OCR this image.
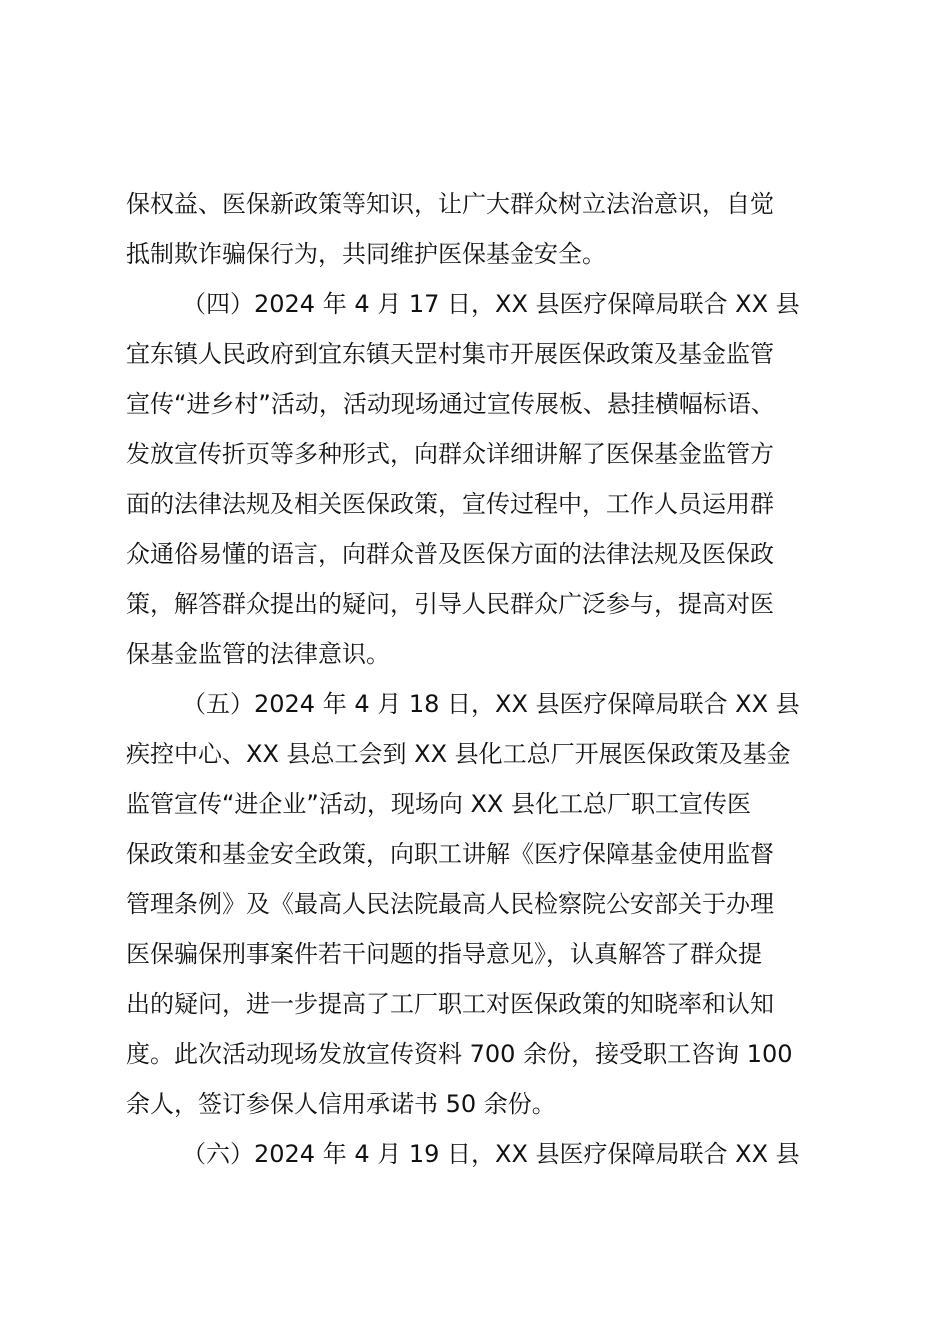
保权益、医保新政策等知识，让广大群众树立法治意识，自觉
抵制欺诈骗保行为，共同维护医保基金安全。

（四）2024 年 4 月 17 日，XX 县医疗保障局联合 XX 县
宜东镇人民政府到宜东镇天罡村集市开展医保政策及基金监管
宣传“进乡村”活动，活动现场通过宣传展板、悬挂横幅标语、
发放宣传折页等多种形式，向群众详细讲解了医保基金监管方
面的法律法规及相关医保政策，宣传过程中，工作人员运用群
众通俗易懂的语言，向群众普及医保方面的法律法规及医保政
策，解答群众提出的疑问，引导人民群众广泛参与，提高对医
保基金监管的法律意识。

（五）2024 年 4 月 18 日，XX 县医疗保障局联合 XX 县
疾控中心、XX 县总工会到 XX 县化工总厂开展医保政策及基金
监管宣传“进企业”活动，现场向 XX 县化工总厂职工宣传医
保政策和基金安全政策，向职工讲解《医疗保障基金使用监督
管理条例》及《最高人民法院最高人民检察院公安部关于办理
医保骗保刑事案件若干问题的指导意见》，认真解答了群众提
出的疑问，进一步提高了工厂职工对医保政策的知晓率和认知
度。此次活动现场发放宣传资料 700 余份，接受职工咨询 100
余人，签订参保人信用承诺书 50 余份。

（六）2024 年 4 月 19 日，XX 县医疗保障局联合 XX 县
